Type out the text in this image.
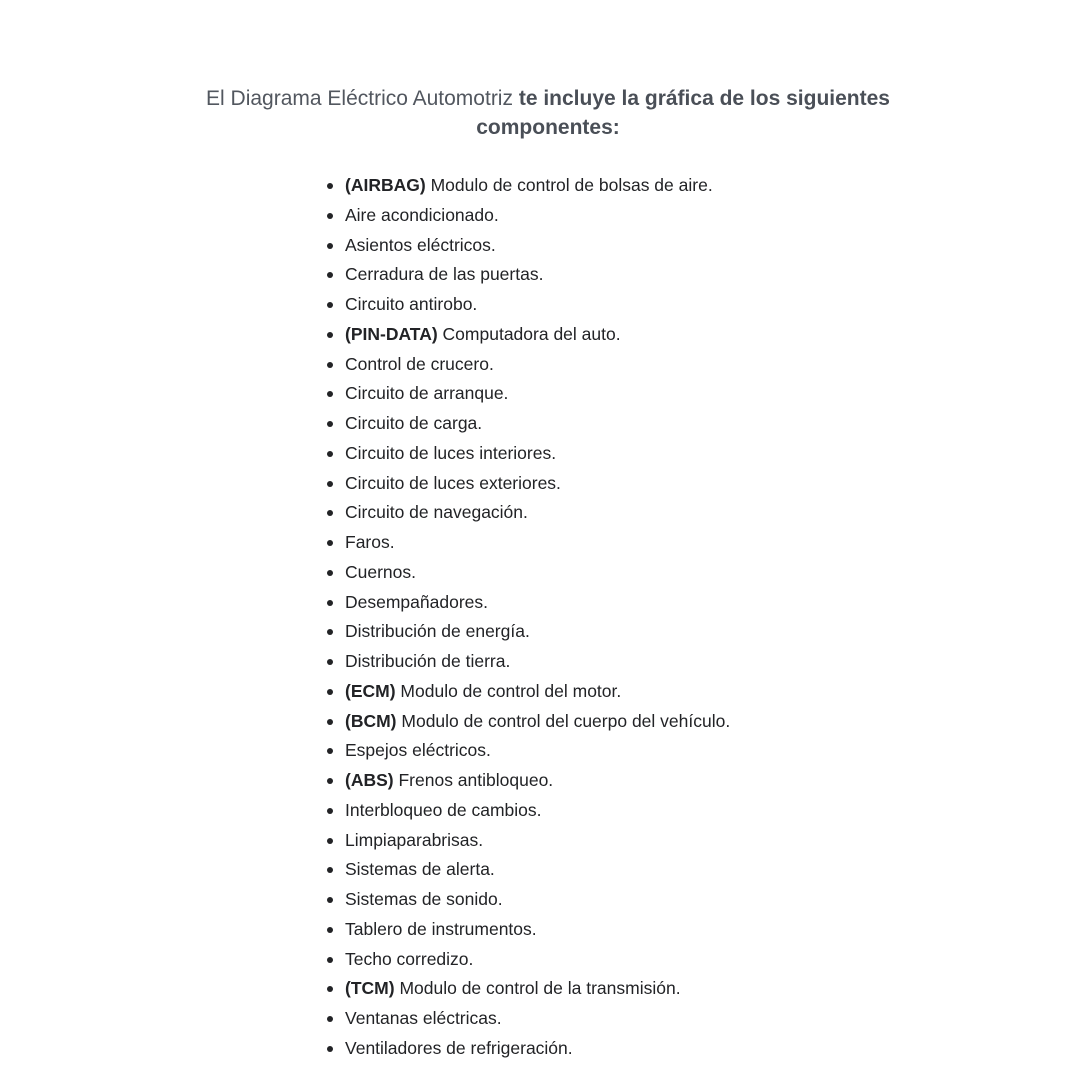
El Diagrama Eléctrico Automotriz te incluye la gráfica de los siguientes componentes:

(AIRBAG) Modulo de control de bolsas de aire.
Aire acondicionado.
Asientos eléctricos.
Cerradura de las puertas.
Circuito antirobo.
(PIN-DATA) Computadora del auto.
Control de crucero.
Circuito de arranque.
Circuito de carga.
Circuito de luces interiores.
Circuito de luces exteriores.
Circuito de navegación.
Faros.
Cuernos.
Desempañadores.
Distribución de energía.
Distribución de tierra.
(ECM) Modulo de control del motor.
(BCM) Modulo de control del cuerpo del vehículo.
Espejos eléctricos.
(ABS) Frenos antibloqueo.
Interbloqueo de cambios.
Limpiaparabrisas.
Sistemas de alerta.
Sistemas de sonido.
Tablero de instrumentos.
Techo corredizo.
(TCM) Modulo de control de la transmisión.
Ventanas eléctricas.
Ventiladores de refrigeración.
